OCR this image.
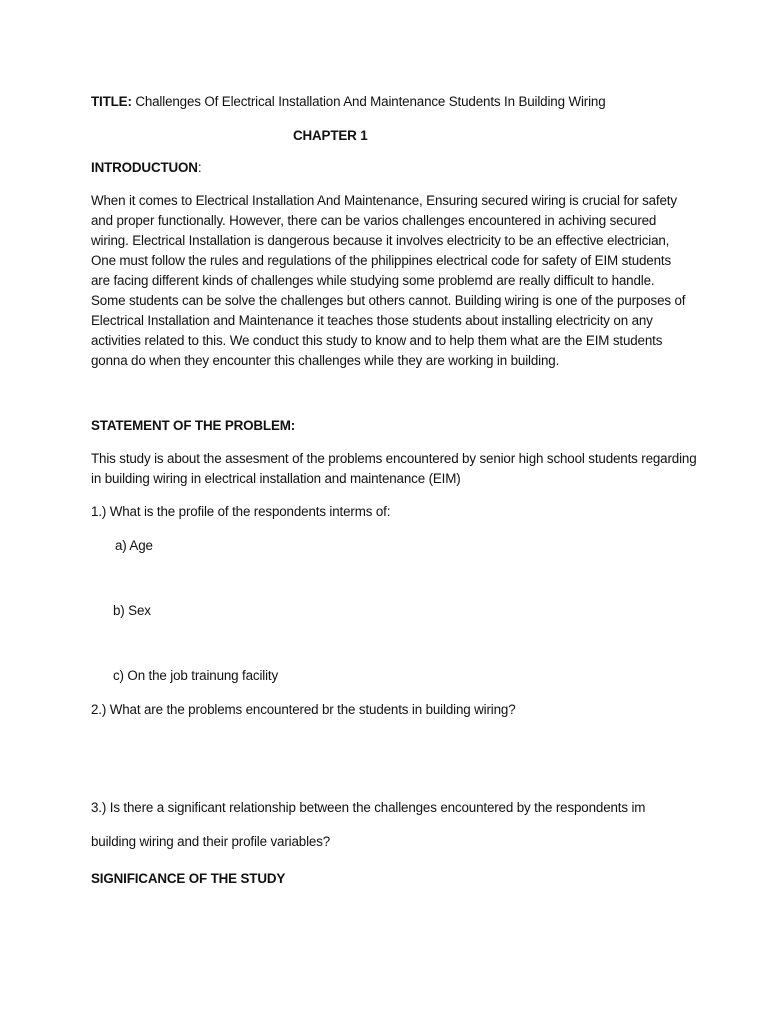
TITLE: Challenges Of Electrical Installation And Maintenance Students In Building Wiring
CHAPTER 1
INTRODUCTUON:
When it comes to Electrical Installation And Maintenance, Ensuring secured wiring is crucial for safety
and proper functionally. However, there can be varios challenges encountered in achiving secured
wiring. Electrical Installation is dangerous because it involves electricity to be an effective electrician,
One must follow the rules and regulations of the philippines electrical code for safety of EIM students
are facing different kinds of challenges while studying some problemd are really difficult to handle.
Some students can be solve the challenges but others cannot. Building wiring is one of the purposes of
Electrical Installation and Maintenance it teaches those students about installing electricity on any
activities related to this. We conduct this study to know and to help them what are the EIM students
gonna do when they encounter this challenges while they are working in building.
STATEMENT OF THE PROBLEM:
This study is about the assesment of the problems encountered by senior high school students regarding
in building wiring in electrical installation and maintenance (EIM)
1.) What is the profile of the respondents interms of:
a) Age
b) Sex
c) On the job trainung facility
2.) What are the problems encountered br the students in building wiring?
3.) Is there a significant relationship between the challenges encountered by the respondents im
building wiring and their profile variables?
SIGNIFICANCE OF THE STUDY
